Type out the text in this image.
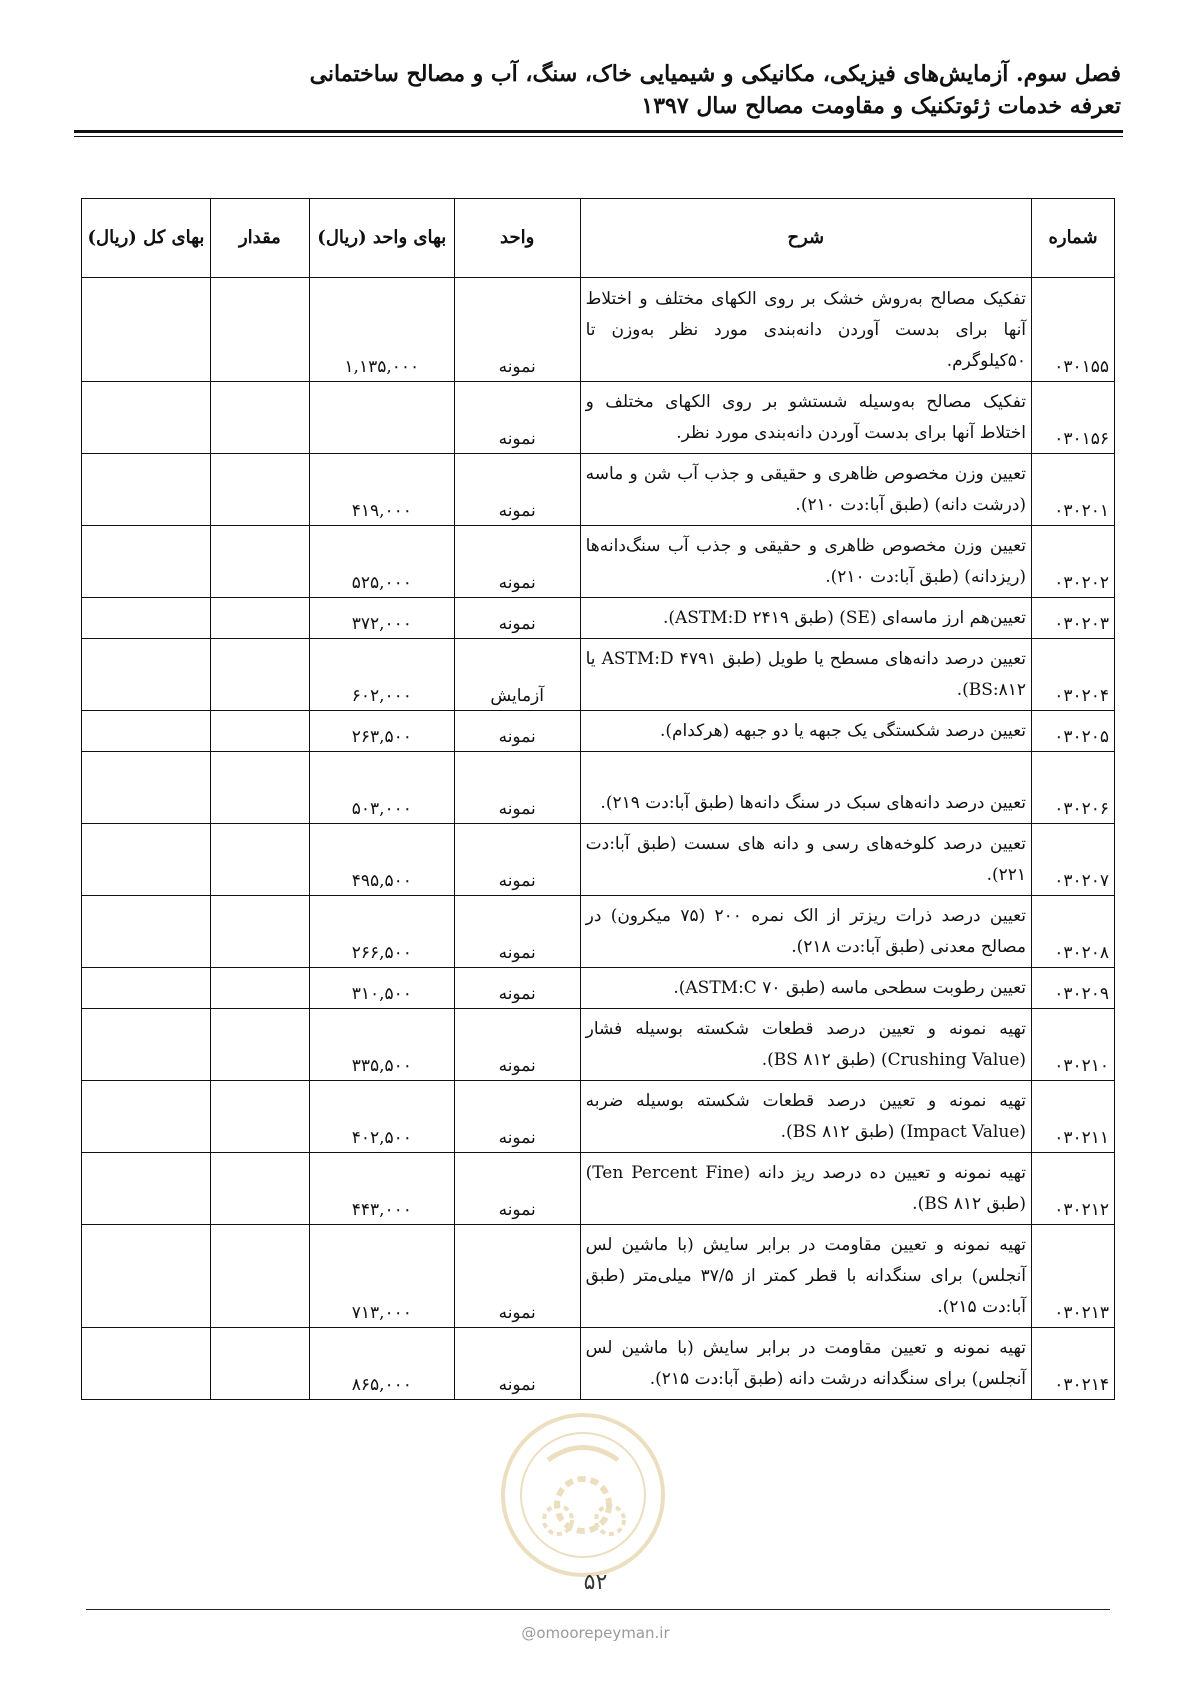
فصل سوم. آزمایش‌های فیزیکی، مکانیکی و شیمیایی خاک، سنگ، آب و مصالح ساختمانی
تعرفه خدمات ژئوتکنیک و مقاومت مصالح سال ۱۳۹۷
شماره	شرح	واحد	بهای واحد (ریال)	مقدار	بهای کل (ریال)
۰۳۰۱۵۵	تفکیک مصالح به‌روش خشک بر روی الکهای مختلف و اختلاط آنها برای بدست آوردن دانه‌بندی مورد نظر به‌وزن تا ۵۰کیلوگرم.	نمونه	۱,۱۳۵,۰۰۰		
۰۳۰۱۵۶	تفکیک مصالح به‌وسیله شستشو بر روی الکهای مختلف و اختلاط آنها برای بدست آوردن دانه‌بندی مورد نظر.	نمونه			
۰۳۰۲۰۱	تعیین وزن مخصوص ظاهری و حقیقی و جذب آب شن و ماسه (درشت دانه) (طبق آبا:دت ۲۱۰).	نمونه	۴۱۹,۰۰۰		
۰۳۰۲۰۲	تعیین وزن مخصوص ظاهری و حقیقی و جذب آب سنگ‌دانه‌ها (ریزدانه) (طبق آبا:دت ۲۱۰).	نمونه	۵۲۵,۰۰۰		
۰۳۰۲۰۳	تعیین‌هم ارز ماسه‌ای (SE) (طبق ASTM:D ۲۴۱۹).	نمونه	۳۷۲,۰۰۰		
۰۳۰۲۰۴	تعیین درصد دانه‌های مسطح یا طویل (طبق ASTM:D ۴۷۹۱ یا BS:۸۱۲).	آزمایش	۶۰۲,۰۰۰		
۰۳۰۲۰۵	تعیین درصد شکستگی یک جبهه یا دو جبهه (هرکدام).	نمونه	۲۶۳,۵۰۰		
۰۳۰۲۰۶	تعیین درصد دانه‌های سبک در سنگ دانه‌ها (طبق آبا:دت ۲۱۹).	نمونه	۵۰۳,۰۰۰		
۰۳۰۲۰۷	تعیین درصد کلوخه‌های رسی و دانه های سست (طبق آبا:دت ۲۲۱).	نمونه	۴۹۵,۵۰۰		
۰۳۰۲۰۸	تعیین درصد ذرات ریزتر از الک نمره ۲۰۰ (۷۵ میکرون) در مصالح معدنی (طبق آبا:دت ۲۱۸).	نمونه	۲۶۶,۵۰۰		
۰۳۰۲۰۹	تعیین رطوبت سطحی ماسه (طبق ASTM:C ۷۰).	نمونه	۳۱۰,۵۰۰		
۰۳۰۲۱۰	تهیه نمونه و تعیین درصد قطعات شکسته بوسیله فشار (Crushing Value) (طبق BS ۸۱۲).	نمونه	۳۳۵,۵۰۰		
۰۳۰۲۱۱	تهیه نمونه و تعیین درصد قطعات شکسته بوسیله ضربه (Impact Value) (طبق BS ۸۱۲).	نمونه	۴۰۲,۵۰۰		
۰۳۰۲۱۲	تهیه نمونه و تعیین ده درصد ریز دانه (Ten Percent Fine) (طبق BS ۸۱۲).	نمونه	۴۴۳,۰۰۰		
۰۳۰۲۱۳	تهیه نمونه و تعیین مقاومت در برابر سایش (با ماشین لس آنجلس) برای سنگدانه با قطر کمتر از ۳۷/۵ میلی‌متر (طبق آبا:دت ۲۱۵).	نمونه	۷۱۳,۰۰۰		
۰۳۰۲۱۴	تهیه نمونه و تعیین مقاومت در برابر سایش (با ماشین لس آنجلس) برای سنگدانه درشت دانه (طبق آبا:دت ۲۱۵).	نمونه	۸۶۵,۰۰۰		
۵۲
@omoorepeyman.ir
